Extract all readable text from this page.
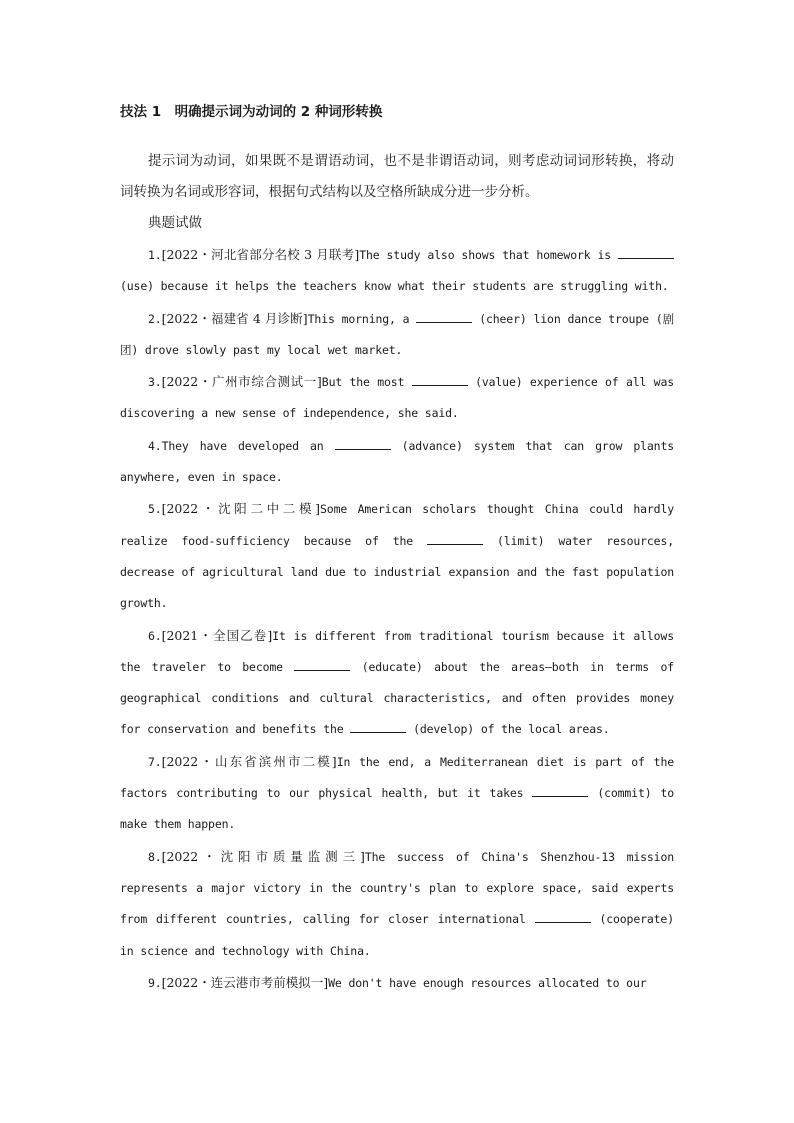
技法 1　明确提示词为动词的 2 种词形转换

提示词为动词，如果既不是谓语动词，也不是非谓语动词，则考虑动词词形转换，将动词转换为名词或形容词，根据句式结构以及空格所缺成分进一步分析。

典题试做

1.[2022・河北省部分名校 3 月联考]The study also shows that homework is  (use) because it helps the teachers know what their students are struggling with.

2.[2022・福建省 4 月诊断]This morning, a	(cheer) lion dance troupe (剧团) drove slowly past my local wet market.

3.[2022・广州市综合测试一]But the most	(value) experience of all was discovering a new sense of independence, she said.

4.They have developed an	(advance) system that can grow plants anywhere, even in space.

5.[2022・沈阳二中二模]Some American scholars thought China could hardly realize food-sufficiency because of the	(limit) water resources, decrease of agricultural land due to industrial expansion and the fast population growth.

6.[2021・全国乙卷]It is different from traditional tourism because it allows the traveler to become	(educate) about the areas—both in terms of geographical conditions and cultural characteristics, and often provides money for conservation and benefits the	(develop) of the local areas.

7.[2022・山东省滨州市二模]In the end, a Mediterranean diet is part of the factors contributing to our physical health, but it takes	(commit) to make them happen.

8.[2022・沈阳市质量监测三]The success of China's Shenzhou-13 mission represents a major victory in the country's plan to explore space, said experts from different countries, calling for closer international	(cooperate) in science and technology with China.

9.[2022・连云港市考前模拟一]We don't have enough resources allocated to our
